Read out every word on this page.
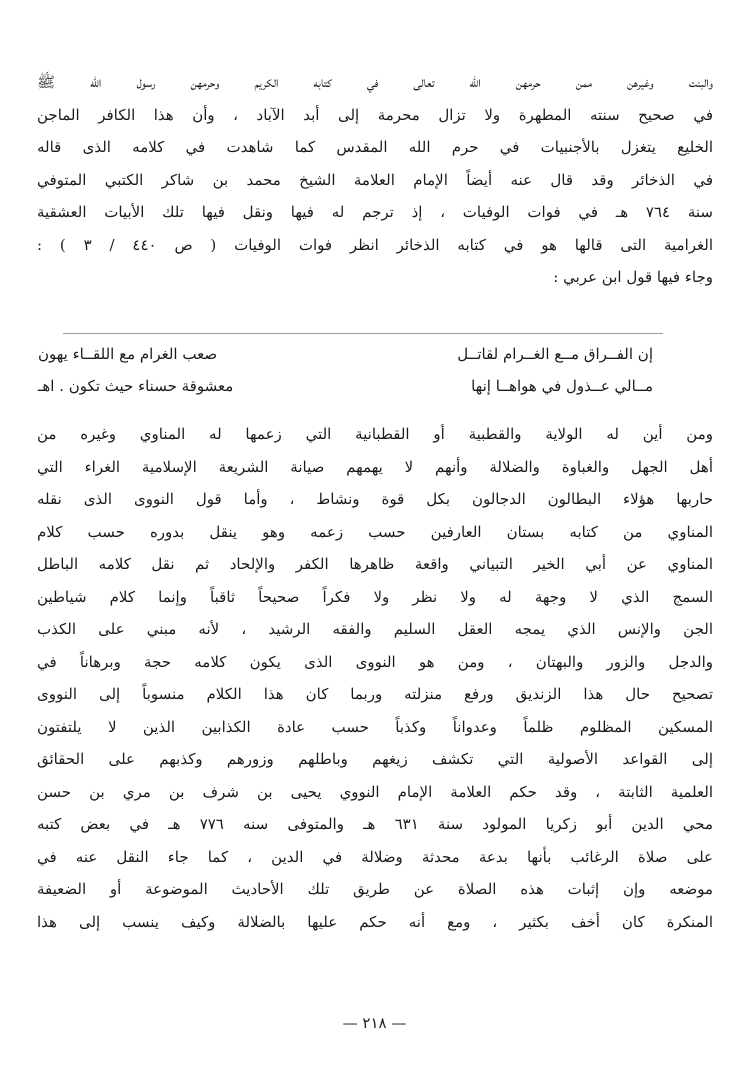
والبنت وغيرهن ممن حرمهن الله تعالى في كتابه الكريم وحرمهن رسول الله ﷺ
في صحيح سنته المطهرة ولا تزال محرمة إلى أبد الآباد ، وأن هذا الكافر الماجن
الخليع يتغزل بالأجنبيات في حرم الله المقدس كما شاهدت في كلامه الذى قاله
في الذخائر وقد قال عنه أيضاً الإمام العلامة الشيخ محمد بن شاكر الكتبي المتوفي
سنة ٧٦٤ هـ في فوات الوفيات ، إذ ترجم له فيها ونقل فيها تلك الأبيات العشقية
الغرامية التى قالها هو في كتابه الذخائر انظر فوات الوفيات ( ص ٤٤٠ / ٣ ) :
وجاء فيها قول ابن عربي :
إن الفــراق مــع الغــرام لقاتــل
صعب الغرام مع اللقــاء يهون
مــالي عــذول في هواهــا إنها
معشوقة حسناء حيث تكون . اهـ
ومن أين له الولاية والقطبية أو القطبانية التي زعمها له المناوي وغيره من
أهل الجهل والغباوة والضلالة وأنهم لا يهمهم صيانة الشريعة الإسلامية الغراء التي
حاربها هؤلاء البطالون الدجالون بكل قوة ونشاط ، وأما قول النووى الذى نقله
المناوي من كتابه بستان العارفين حسب زعمه وهو ينقل بدوره حسب كلام
المناوي عن أبي الخير التبياني واقعة ظاهرها الكفر والإلحاد ثم نقل كلامه الباطل
السمج الذي لا وجهة له ولا نظر ولا فكراً صحيحاً ثاقباً وإنما كلام شياطين
الجن والإنس الذي يمجه العقل السليم والفقه الرشيد ، لأنه مبني على الكذب
والدجل والزور والبهتان ، ومن هو النووى الذى يكون كلامه حجة وبرهاناً في
تصحيح حال هذا الزنديق ورفع منزلته وربما كان هذا الكلام منسوباً إلى النووى
المسكين المظلوم ظلماً وعدواناً وكذباً حسب عادة الكذابين الذين لا يلتفتون
إلى القواعد الأصولية التي تكشف زيغهم وباطلهم وزورهم وكذبهم على الحقائق
العلمية الثابتة ، وقد حكم العلامة الإمام النووي يحيى بن شرف بن مري بن حسن
محي الدين أبو زكريا المولود سنة ٦٣١ هـ والمتوفى سنه ٧٧٦ هـ في بعض كتبه
على صلاة الرغائب بأنها بدعة محدثة وضلالة في الدين ، كما جاء النقل عنه في
موضعه وإن إثبات هذه الصلاة عن طريق تلك الأحاديث الموضوعة أو الضعيفة
المنكرة كان أخف بكثير ، ومع أنه حكم عليها بالضلالة وكيف ينسب إلى هذا
— ٢١٨ —
